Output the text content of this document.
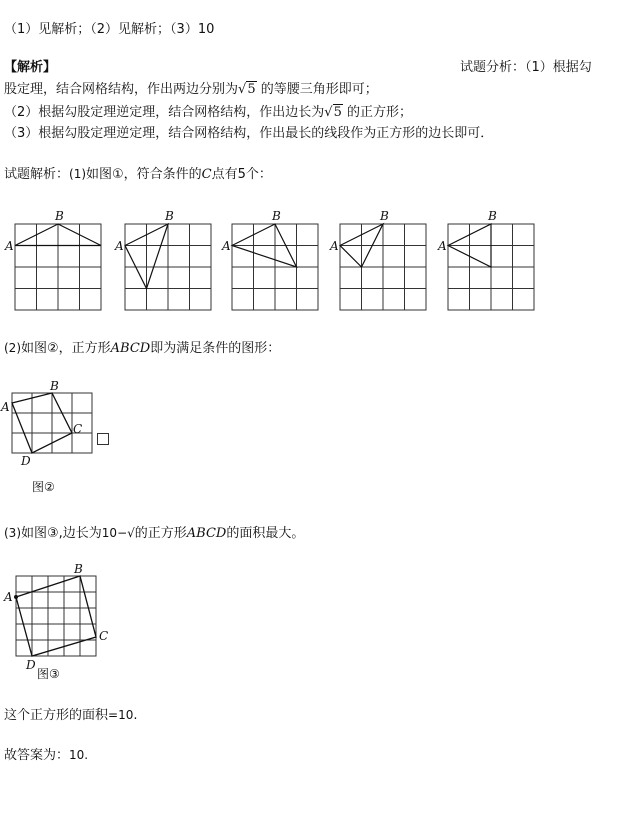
（1）见解析；（2）见解析；（3）10
【解析】	试题分析：（1）根据勾
股定理，结合网格结构，作出两边分别为√5 的等腰三角形即可；
（2）根据勾股定理逆定理，结合网格结构，作出边长为√5 的正方形；
（3）根据勾股定理逆定理，结合网格结构，作出最长的线段作为正方形的边长即可．
试题解析：(1)如图①，符合条件的C点有5个：
A
B
A
B
A
B
A
B
A
B
(2)如图②，正方形ABCD即为满足条件的图形：
A
B
C
D
图②
(3)如图③,边长为10−√的正方形ABCD的面积最大。
A
B
C
D
图③
这个正方形的面积=10.
故答案为：10.
